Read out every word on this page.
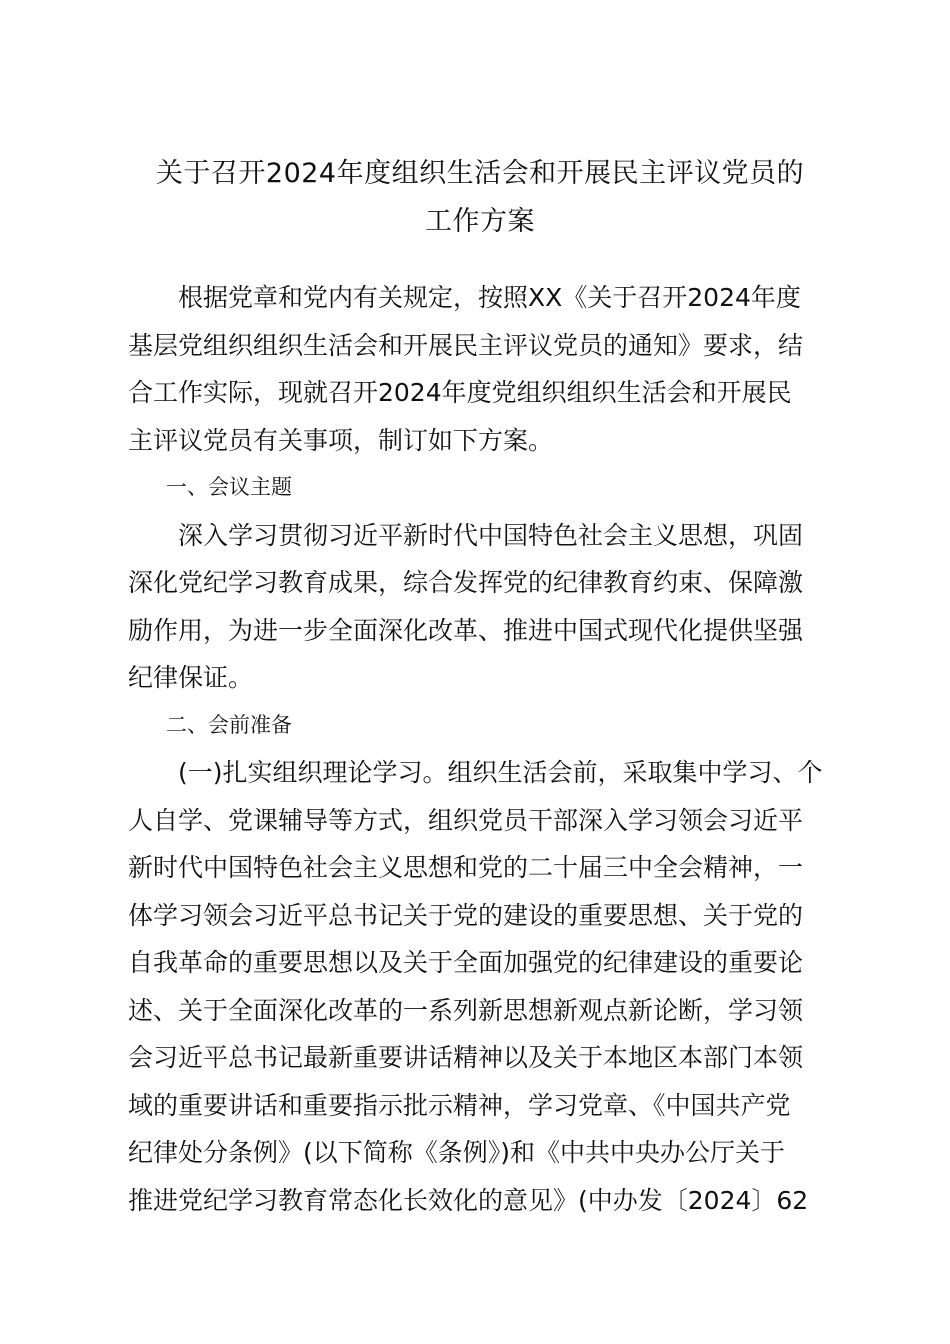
关于召开2024年度组织生活会和开展民主评议党员的
工作方案
根据党章和党内有关规定，按照XX《关于召开2024年度
基层党组织组织生活会和开展民主评议党员的通知》要求，结
合工作实际，现就召开2024年度党组织组织生活会和开展民
主评议党员有关事项，制订如下方案。
一、会议主题
深入学习贯彻习近平新时代中国特色社会主义思想，巩固
深化党纪学习教育成果，综合发挥党的纪律教育约束、保障激
励作用，为进一步全面深化改革、推进中国式现代化提供坚强
纪律保证。
二、会前准备
(一)扎实组织理论学习。组织生活会前，采取集中学习、个
人自学、党课辅导等方式，组织党员干部深入学习领会习近平
新时代中国特色社会主义思想和党的二十届三中全会精神，一
体学习领会习近平总书记关于党的建设的重要思想、关于党的
自我革命的重要思想以及关于全面加强党的纪律建设的重要论
述、关于全面深化改革的一系列新思想新观点新论断，学习领
会习近平总书记最新重要讲话精神以及关于本地区本部门本领
域的重要讲话和重要指示批示精神，学习党章、《中国共产党
纪律处分条例》(以下简称《条例》)和《中共中央办公厅关于
推进党纪学习教育常态化长效化的意见》(中办发〔2024〕62
